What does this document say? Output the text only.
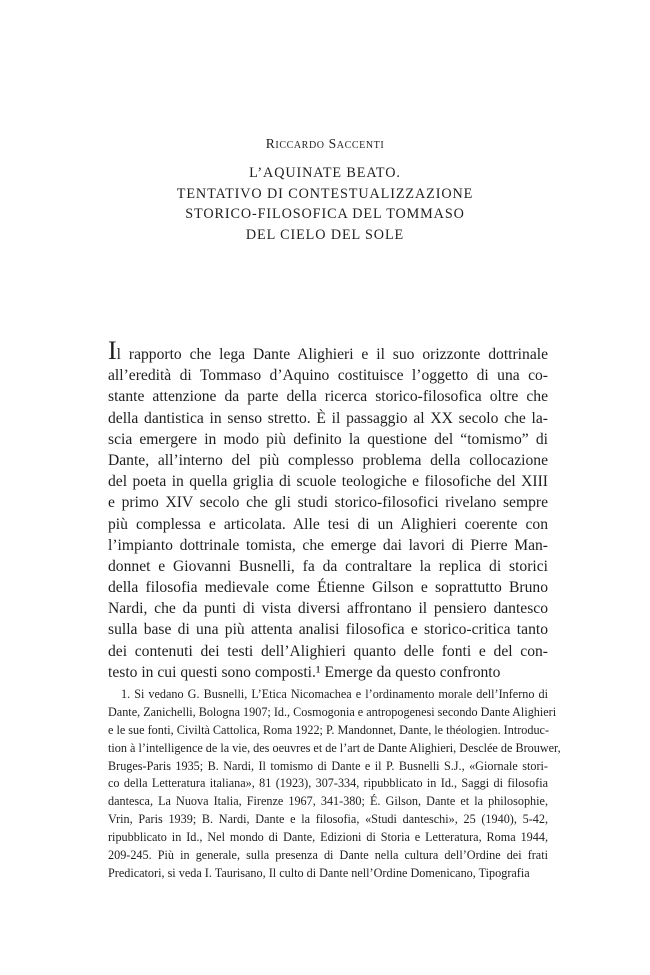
Riccardo Saccenti
L’AQUINATE BEATO.
TENTATIVO DI CONTESTUALIZZAZIONE
STORICO-FILOSOFICA DEL TOMMASO
DEL CIELO DEL SOLE
Il rapporto che lega Dante Alighieri e il suo orizzonte dottrinale
all’eredità di Tommaso d’Aquino costituisce l’oggetto di una co-
stante attenzione da parte della ricerca storico-filosofica oltre che
della dantistica in senso stretto. È il passaggio al XX secolo che la-
scia emergere in modo più definito la questione del “tomismo” di
Dante, all’interno del più complesso problema della collocazione
del poeta in quella griglia di scuole teologiche e filosofiche del XIII
e primo XIV secolo che gli studi storico-filosofici rivelano sempre
più complessa e articolata. Alle tesi di un Alighieri coerente con
l’impianto dottrinale tomista, che emerge dai lavori di Pierre Man-
donnet e Giovanni Busnelli, fa da contraltare la replica di storici
della filosofia medievale come Étienne Gilson e soprattutto Bruno
Nardi, che da punti di vista diversi affrontano il pensiero dantesco
sulla base di una più attenta analisi filosofica e storico-critica tanto
dei contenuti dei testi dell’Alighieri quanto delle fonti e del con-
testo in cui questi sono composti.¹ Emerge da questo confronto
1. Si vedano G. Busnelli, L’Etica Nicomachea e l’ordinamento morale dell’Inferno di
Dante, Zanichelli, Bologna 1907; Id., Cosmogonia e antropogenesi secondo Dante Alighieri
e le sue fonti, Civiltà Cattolica, Roma 1922; P. Mandonnet, Dante, le théologien. Introduc-
tion à l’intelligence de la vie, des oeuvres et de l’art de Dante Alighieri, Desclée de Brouwer,
Bruges-Paris 1935; B. Nardi, Il tomismo di Dante e il P. Busnelli S.J., «Giornale stori-
co della Letteratura italiana», 81 (1923), 307-334, ripubblicato in Id., Saggi di filosofia
dantesca, La Nuova Italia, Firenze 1967, 341-380; É. Gilson, Dante et la philosophie,
Vrin, Paris 1939; B. Nardi, Dante e la filosofia, «Studi danteschi», 25 (1940), 5-42,
ripubblicato in Id., Nel mondo di Dante, Edizioni di Storia e Letteratura, Roma 1944,
209-245. Più in generale, sulla presenza di Dante nella cultura dell’Ordine dei frati
Predicatori, si veda I. Taurisano, Il culto di Dante nell’Ordine Domenicano, Tipografia
